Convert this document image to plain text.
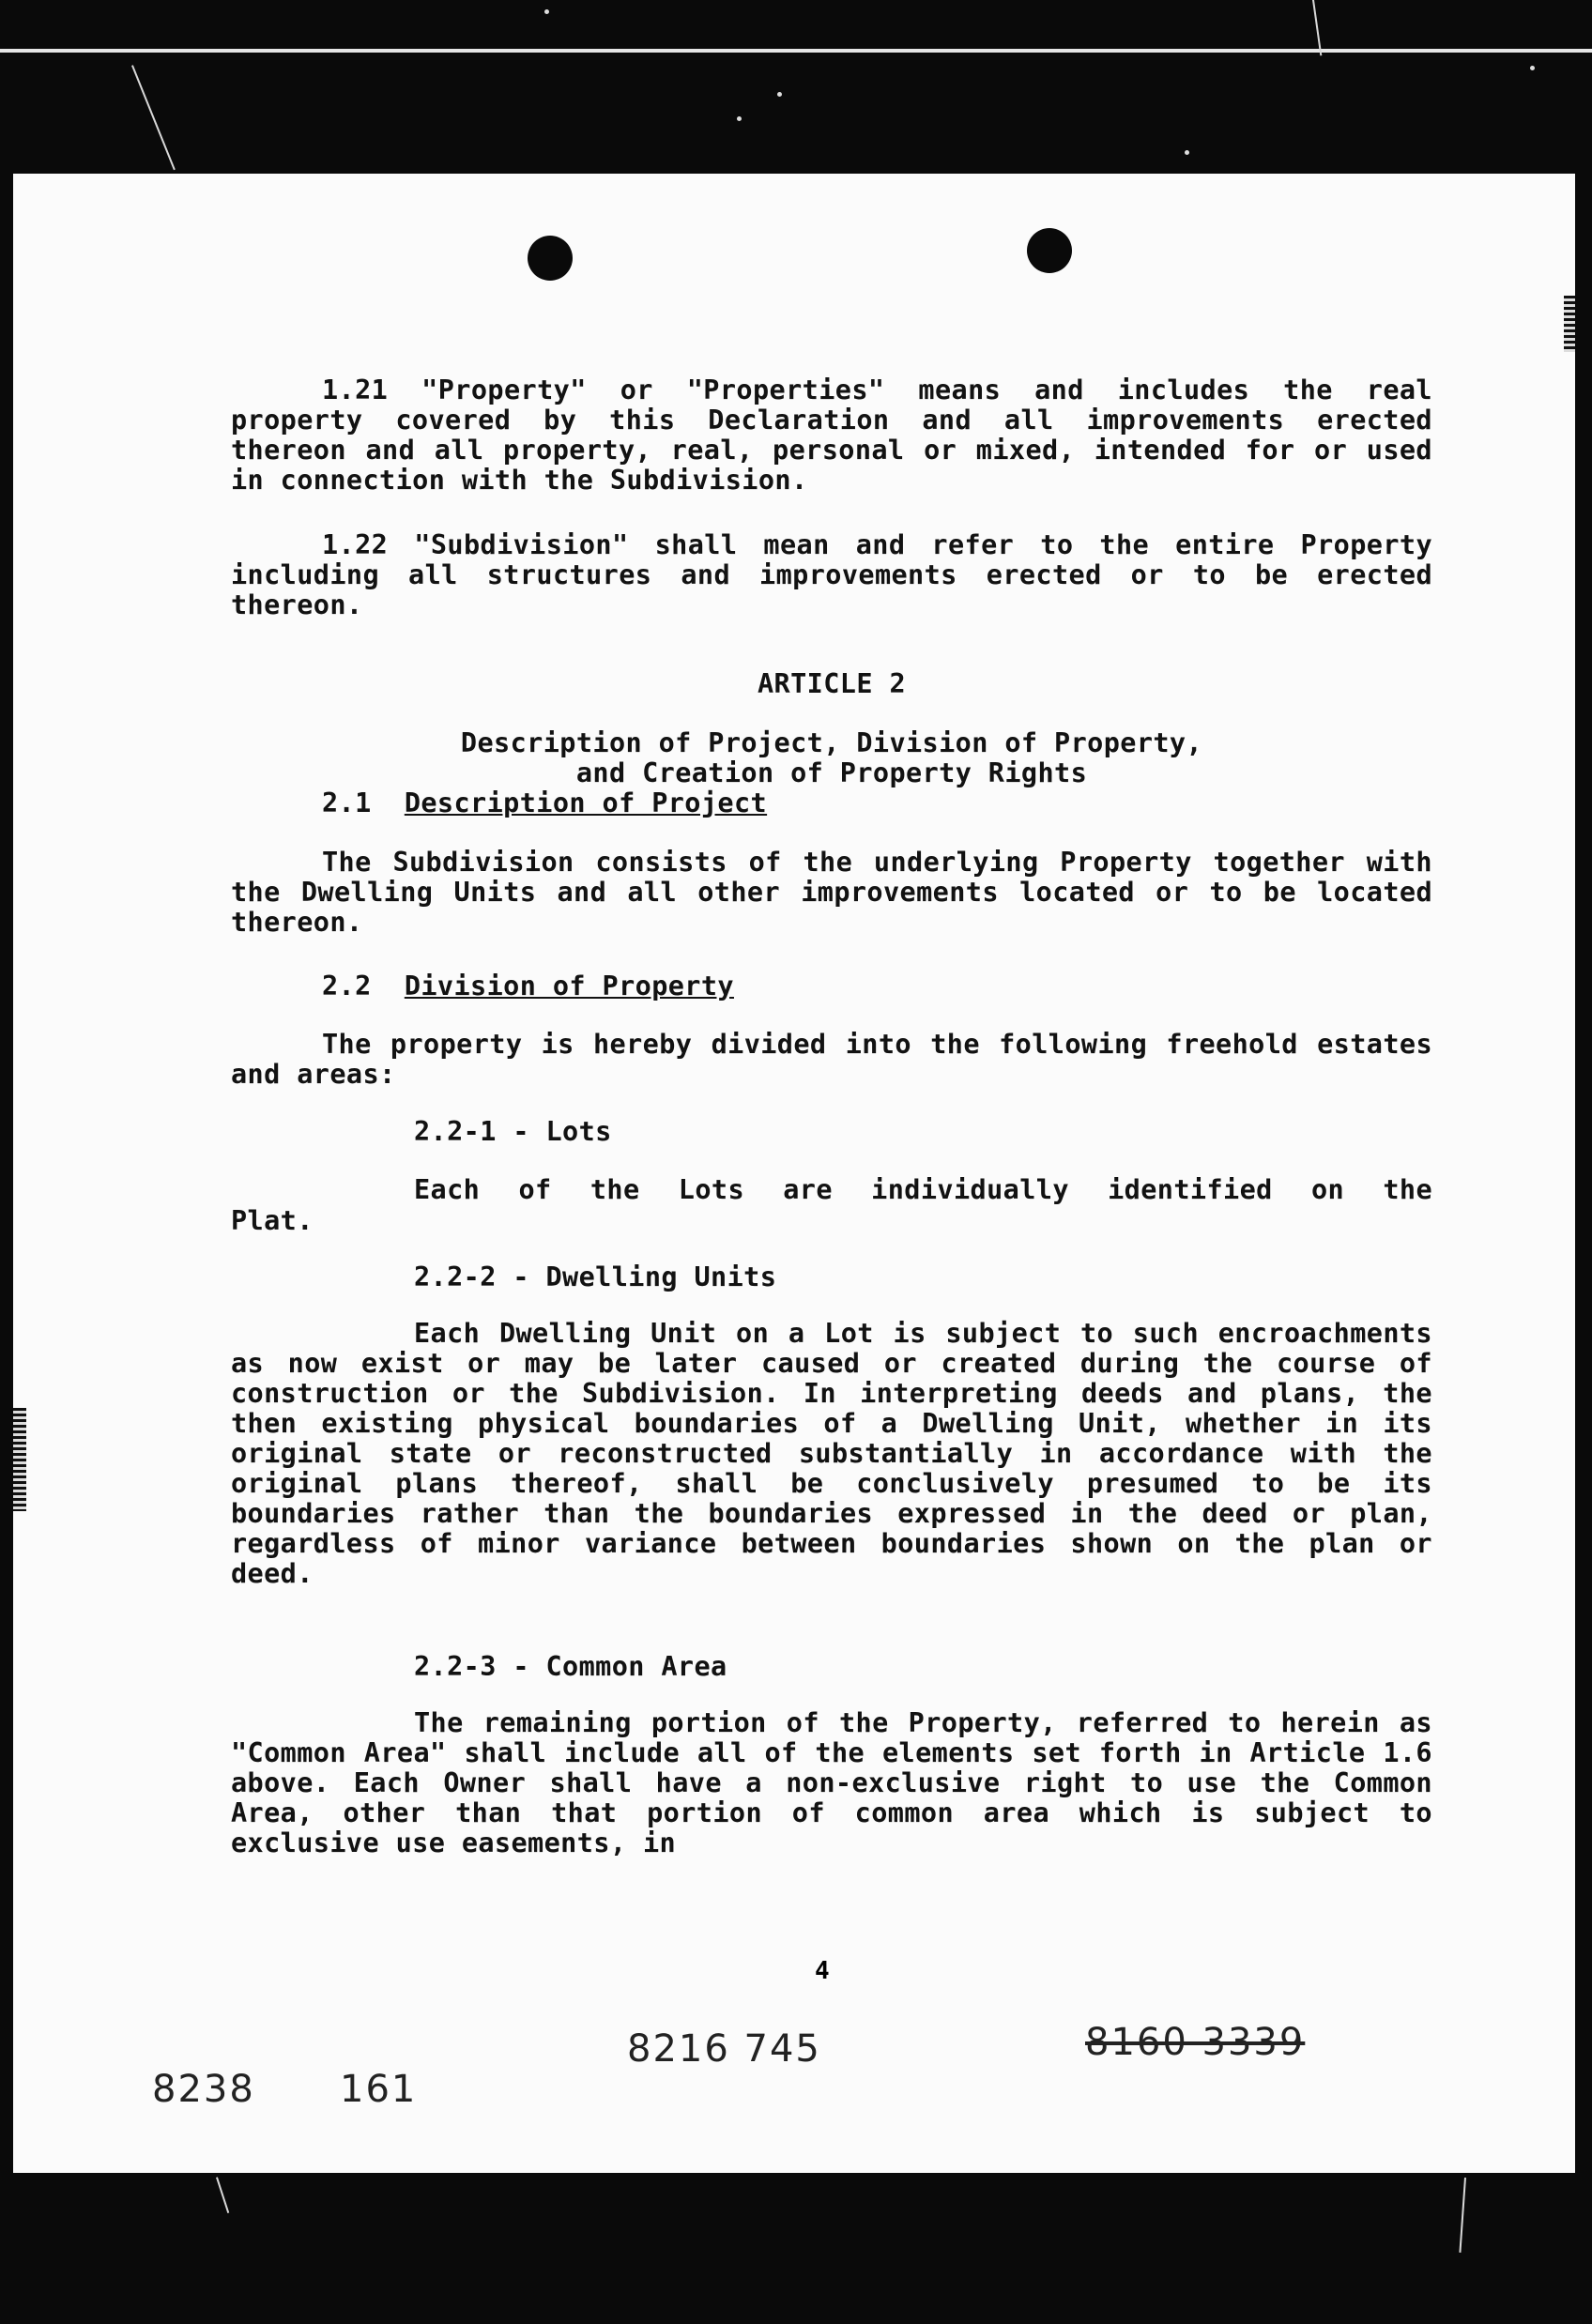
1.21 "Property" or "Properties" means and includes the real property covered by this Declaration and all improvements erected thereon and all property, real, personal or mixed, intended for or used in connection with the Subdivision.

1.22 "Subdivision" shall mean and refer to the entire Property including all structures and improvements erected or to be erected thereon.

ARTICLE 2
Description of Project, Division of Property,
and Creation of Property Rights
2.1 Description of Project

The Subdivision consists of the underlying Property together with the Dwelling Units and all other improvements located or to be located thereon.

2.2 Division of Property

The property is hereby divided into the following freehold estates and areas:

2.2-1 - Lots

Each of the Lots are individually identified on the

Plat.

2.2-2 - Dwelling Units

Each Dwelling Unit on a Lot is subject to such encroachments as now exist or may be later caused or created during the course of construction or the Subdivision. In interpreting deeds and plans, the then existing physical boundaries of a Dwelling Unit, whether in its original state or reconstructed substantially in accordance with the original plans thereof, shall be conclusively presumed to be its boundaries rather than the boundaries expressed in the deed or plan, regardless of minor variance between boundaries shown on the plan or deed.

2.2-3 - Common Area

The remaining portion of the Property, referred to herein as "Common Area" shall include all of the elements set forth in Article 1.6 above. Each Owner shall have a non-exclusive right to use the Common Area, other than that portion of common area which is subject to exclusive use easements, in

4
8216 745	8160 3339
8238 161
